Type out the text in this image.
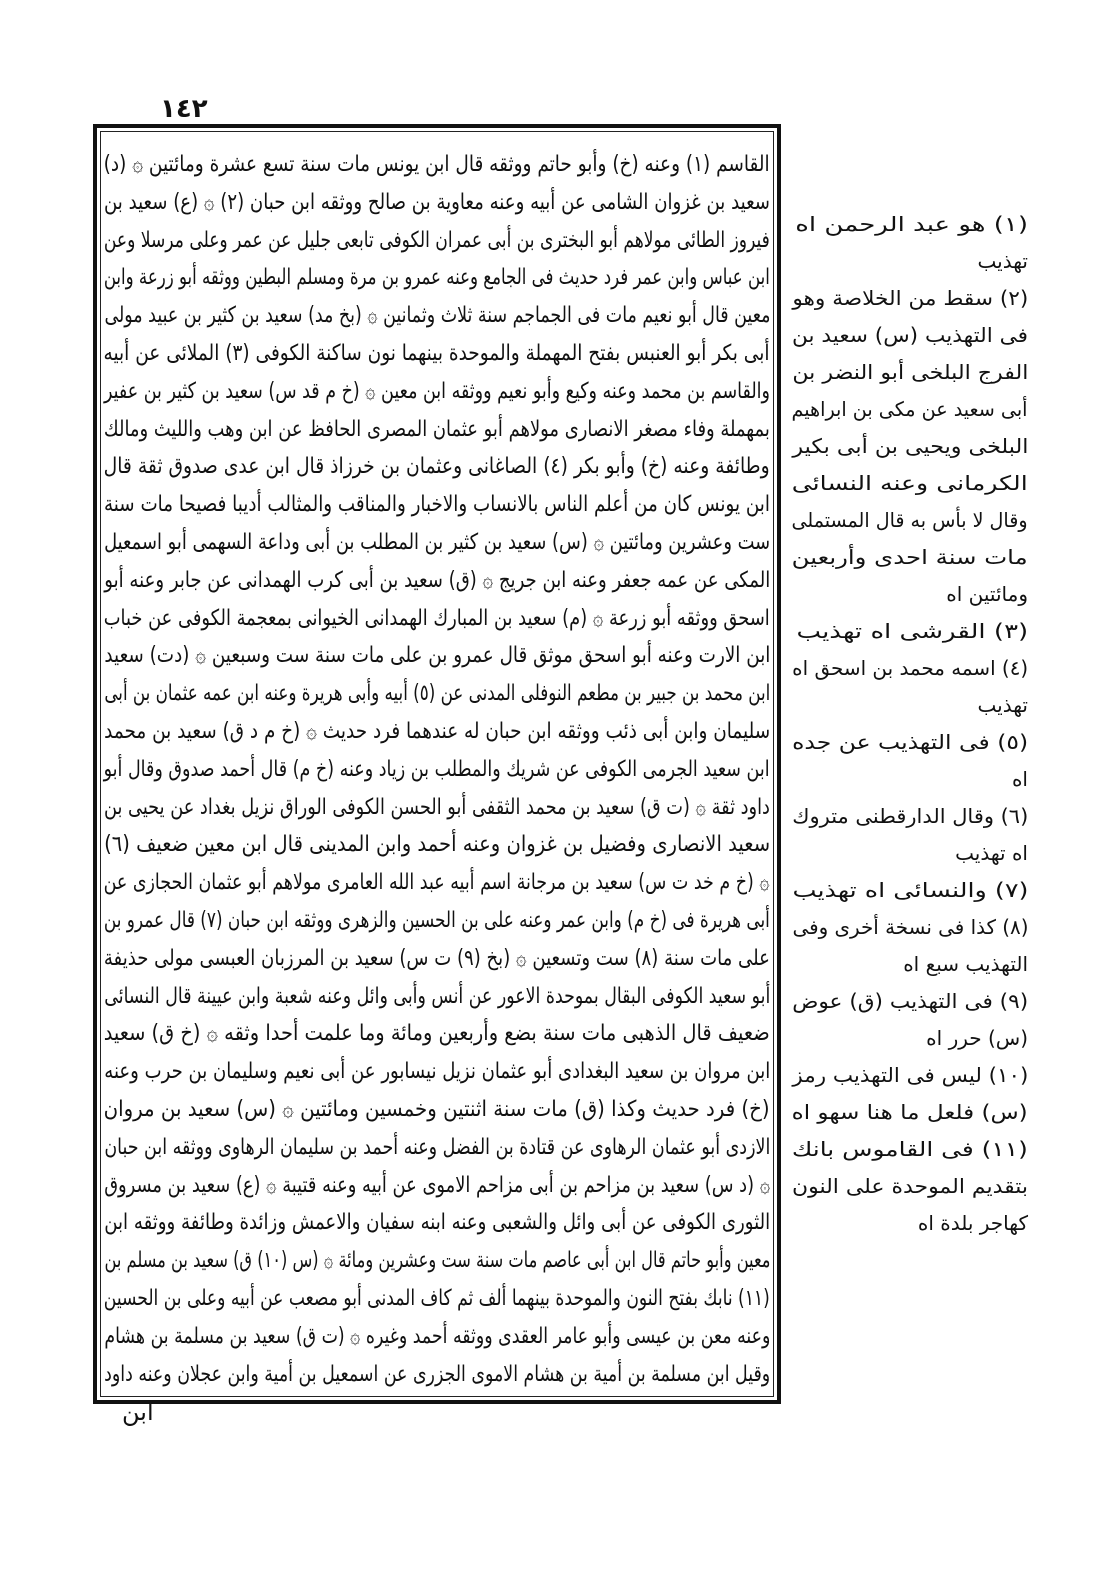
١٤٢
القاسم (١) وعنه (خ) وأبو حاتم ووثقه قال ابن يونس مات سنة تسع عشرة ومائتين ۞ (د)
سعيد بن غزوان الشامى عن أبيه وعنه معاوية بن صالح ووثقه ابن حبان (٢) ۞ (ع) سعيد بن
فيروز الطائى مولاهم أبو البخترى بن أبى عمران الكوفى تابعى جليل عن عمر وعلى مرسلا وعن
ابن عباس وابن عمر فرد حديث فى الجامع وعنه عمرو بن مرة ومسلم البطين ووثقه أبو زرعة وابن
معين قال أبو نعيم مات فى الجماجم سنة ثلاث وثمانين ۞ (بخ مد) سعيد بن كثير بن عبيد مولى
أبى بكر أبو العنبس بفتح المهملة والموحدة بينهما نون ساكنة الكوفى (٣) الملائى عن أبيه
والقاسم بن محمد وعنه وكيع وأبو نعيم ووثقه ابن معين ۞ (خ م قد س) سعيد بن كثير بن عفير
بمهملة وفاء مصغر الانصارى مولاهم أبو عثمان المصرى الحافظ عن ابن وهب والليث ومالك
وطائفة وعنه (خ) وأبو بكر (٤) الصاغانى وعثمان بن خرزاذ قال ابن عدى صدوق ثقة قال
ابن يونس كان من أعلم الناس بالانساب والاخبار والمناقب والمثالب أديبا فصيحا مات سنة
ست وعشرين ومائتين ۞ (س) سعيد بن كثير بن المطلب بن أبى وداعة السهمى أبو اسمعيل
المكى عن عمه جعفر وعنه ابن جريج ۞ (ق) سعيد بن أبى كرب الهمدانى عن جابر وعنه أبو
اسحق ووثقه أبو زرعة ۞ (م) سعيد بن المبارك الهمدانى الخيوانى بمعجمة الكوفى عن خباب
ابن الارت وعنه أبو اسحق موثق قال عمرو بن على مات سنة ست وسبعين ۞ (دت) سعيد
ابن محمد بن جبير بن مطعم النوفلى المدنى عن (٥) أبيه وأبى هريرة وعنه ابن عمه عثمان بن أبى
سليمان وابن أبى ذئب ووثقه ابن حبان له عندهما فرد حديث ۞ (خ م د ق) سعيد بن محمد
ابن سعيد الجرمى الكوفى عن شريك والمطلب بن زياد وعنه (خ م) قال أحمد صدوق وقال أبو
داود ثقة ۞ (ت ق) سعيد بن محمد الثقفى أبو الحسن الكوفى الوراق نزيل بغداد عن يحيى بن
سعيد الانصارى وفضيل بن غزوان وعنه أحمد وابن المدينى قال ابن معين ضعيف (٦)
۞ (خ م خد ت س) سعيد بن مرجانة اسم أبيه عبد الله العامرى مولاهم أبو عثمان الحجازى عن
أبى هريرة فى (خ م) وابن عمر وعنه على بن الحسين والزهرى ووثقه ابن حبان (٧) قال عمرو بن
على مات سنة (٨) ست وتسعين ۞ (بخ (٩) ت س) سعيد بن المرزبان العبسى مولى حذيفة
أبو سعيد الكوفى البقال بموحدة الاعور عن أنس وأبى وائل وعنه شعبة وابن عيينة قال النسائى
ضعيف قال الذهبى مات سنة بضع وأربعين ومائة وما علمت أحدا وثقه ۞ (خ ق) سعيد
ابن مروان بن سعيد البغدادى أبو عثمان نزيل نيسابور عن أبى نعيم وسليمان بن حرب وعنه
(خ) فرد حديث وكذا (ق) مات سنة اثنتين وخمسين ومائتين ۞ (س) سعيد بن مروان
الازدى أبو عثمان الرهاوى عن قتادة بن الفضل وعنه أحمد بن سليمان الرهاوى ووثقه ابن حبان
۞ (د س) سعيد بن مزاحم بن أبى مزاحم الاموى عن أبيه وعنه قتيبة ۞ (ع) سعيد بن مسروق
الثورى الكوفى عن أبى وائل والشعبى وعنه ابنه سفيان والاعمش وزائدة وطائفة ووثقه ابن
معين وأبو حاتم قال ابن أبى عاصم مات سنة ست وعشرين ومائة ۞ (س (١٠) ق) سعيد بن مسلم بن
(١١) نابك بفتح النون والموحدة بينهما ألف ثم كاف المدنى أبو مصعب عن أبيه وعلى بن الحسين
وعنه معن بن عيسى وأبو عامر العقدى ووثقه أحمد وغيره ۞ (ت ق) سعيد بن مسلمة بن هشام
وقيل ابن مسلمة بن أمية بن هشام الاموى الجزرى عن اسمعيل بن أمية وابن عجلان وعنه داود
(١) هو عبد الرحمن اه
تهذيب
(٢) سقط من الخلاصة وهو
فى التهذيب (س) سعيد بن
الفرج البلخى أبو النضر بن
أبى سعيد عن مكى بن ابراهيم
البلخى ويحيى بن أبى بكير
الكرمانى وعنه النسائى
وقال لا بأس به قال المستملى
مات سنة احدى وأربعين
ومائتين اه
(٣) القرشى اه تهذيب
(٤) اسمه محمد بن اسحق اه
تهذيب
(٥) فى التهذيب عن جده
اه
(٦) وقال الدارقطنى متروك
اه تهذيب
(٧) والنسائى اه تهذيب
(٨) كذا فى نسخة أخرى وفى
التهذيب سبع اه
(٩) فى التهذيب (ق) عوض
(س) حرر اه
(١٠) ليس فى التهذيب رمز
(س) فلعل ما هنا سهو اه
(١١) فى القاموس بانك
بتقديم الموحدة على النون
كهاجر بلدة اه
ابن
